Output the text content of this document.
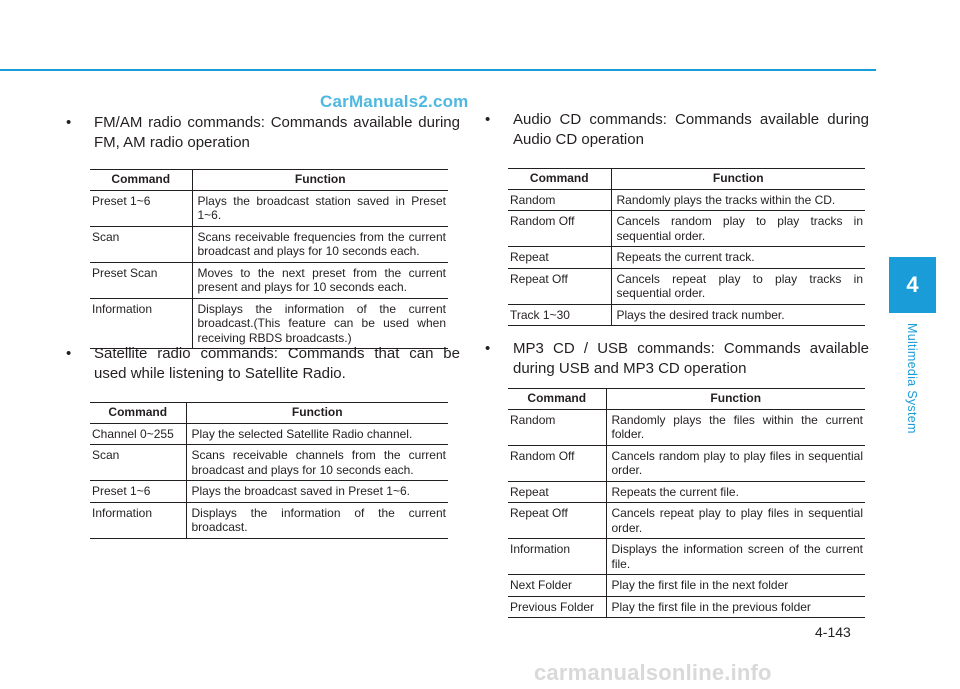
CarManuals2.com
4
Multimedia System
• FM/AM radio commands: Commands available during FM, AM radio operation
Command	Function
Preset 1~6	Plays the broadcast station saved in Preset 1~6.
Scan	Scans receivable frequencies from the current broadcast and plays for 10 seconds each.
Preset Scan	Moves to the next preset from the current present and plays for 10 seconds each.
Information	Displays the information of the current broadcast.(This feature can be used when receiving RBDS broadcasts.)
• Satellite radio commands: Commands that can be used while listening to Satellite Radio.
Command	Function
Channel 0~255	Play the selected Satellite Radio channel.
Scan	Scans receivable channels from the current broadcast and plays for 10 seconds each.
Preset 1~6	Plays the broadcast saved in Preset 1~6.
Information	Displays the information of the current broadcast.
• Audio CD commands: Commands available during Audio CD operation
Command	Function
Random	Randomly plays the tracks within the CD.
Random Off	Cancels random play to play tracks in sequential order.
Repeat	Repeats the current track.
Repeat Off	Cancels repeat play to play tracks in sequential order.
Track 1~30	Plays the desired track number.
• MP3 CD / USB commands: Commands available during USB and MP3 CD operation
Command	Function
Random	Randomly plays the files within the current folder.
Random Off	Cancels random play to play files in sequential order.
Repeat	Repeats the current file.
Repeat Off	Cancels repeat play to play files in sequential order.
Information	Displays the information screen of the current file.
Next Folder	Play the first file in the next folder
Previous Folder	Play the first file in the previous folder
4-143
carmanualsonline.info
